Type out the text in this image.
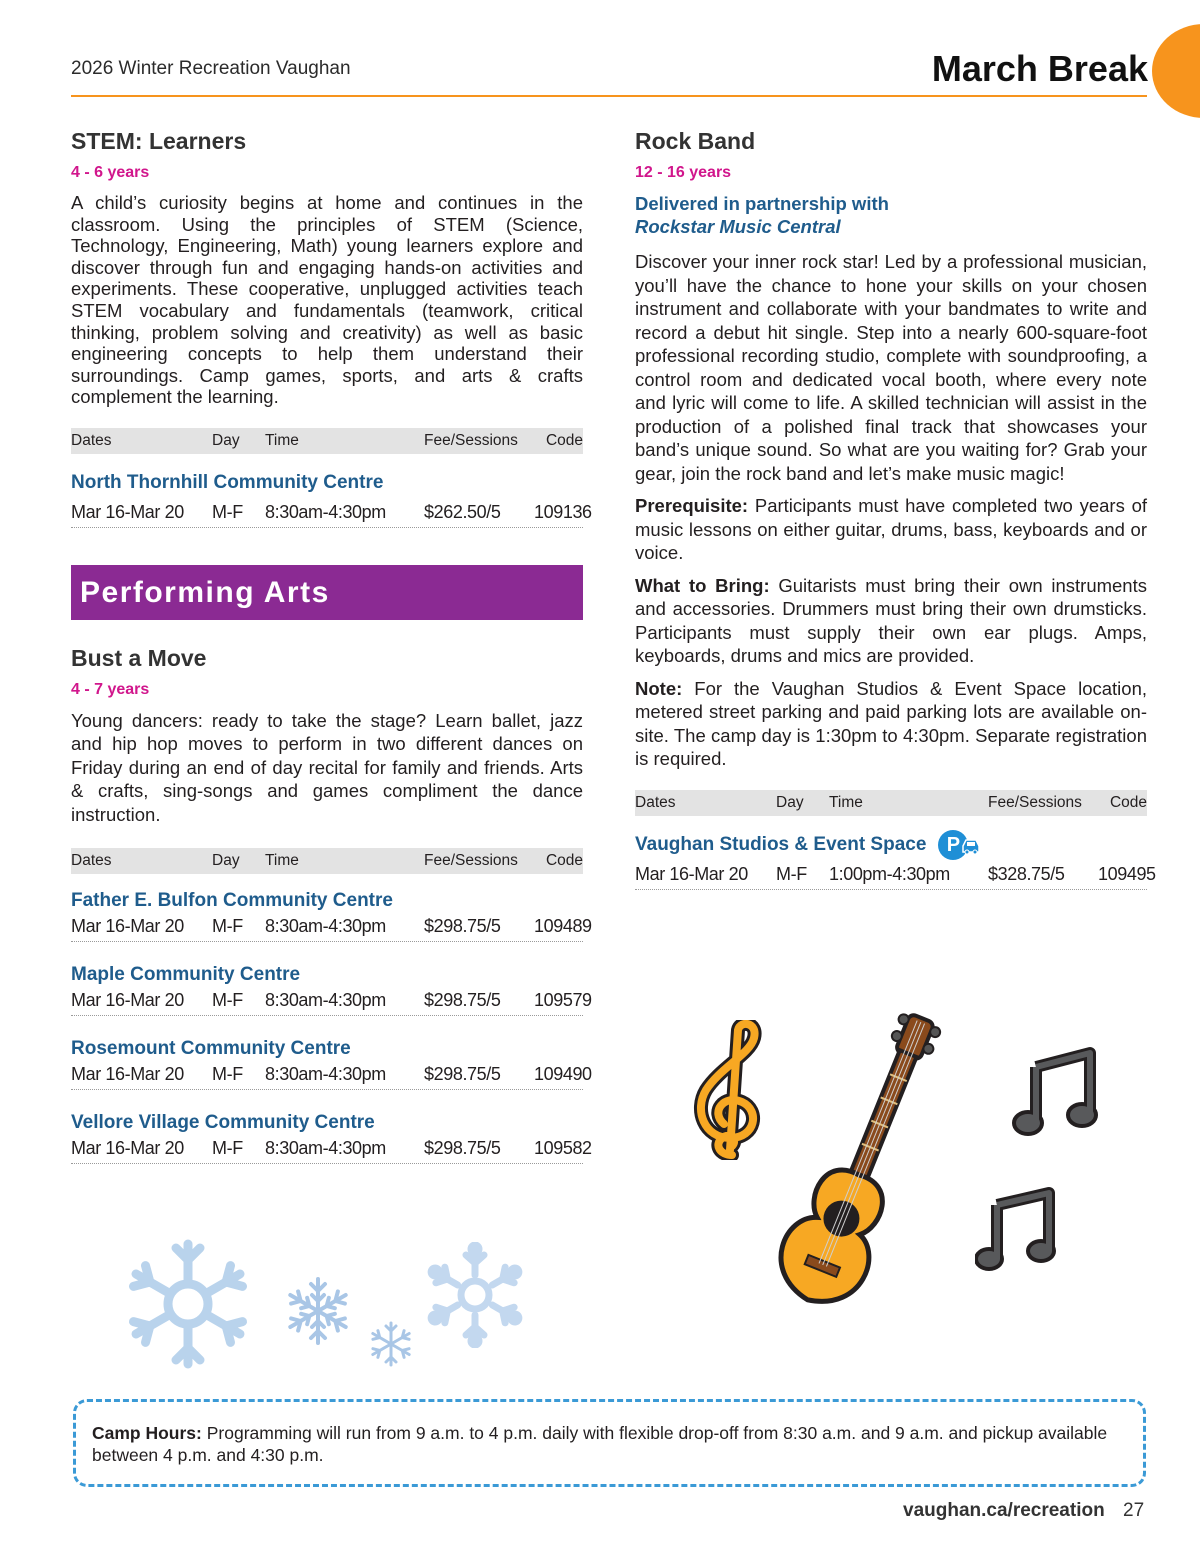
2026 Winter Recreation Vaughan	March Break
STEM: Learners
4 - 6 years
A child’s curiosity begins at home and continues in the classroom. Using the principles of STEM (Science, Technology, Engineering, Math) young learners explore and discover through fun and engaging hands-on activities and experiments. These cooperative, unplugged activities teach STEM vocabulary and fundamentals (teamwork, critical thinking, problem solving and creativity) as well as basic engineering concepts to help them understand their surroundings. Camp games, sports, and arts & crafts complement the learning.
Dates	Day	Time	Fee/Sessions	Code
North Thornhill Community Centre
Mar 16-Mar 20	M-F	8:30am-4:30pm	$262.50/5	109136
Performing Arts
Bust a Move
4 - 7 years
Young dancers: ready to take the stage? Learn ballet, jazz and hip hop moves to perform in two different dances on Friday during an end of day recital for family and friends. Arts & crafts, sing-songs and games compliment the dance instruction.
Dates	Day	Time	Fee/Sessions	Code
Father E. Bulfon Community Centre
Mar 16-Mar 20	M-F	8:30am-4:30pm	$298.75/5	109489
Maple Community Centre
Mar 16-Mar 20	M-F	8:30am-4:30pm	$298.75/5	109579
Rosemount Community Centre
Mar 16-Mar 20	M-F	8:30am-4:30pm	$298.75/5	109490
Vellore Village Community Centre
Mar 16-Mar 20	M-F	8:30am-4:30pm	$298.75/5	109582
Rock Band
12 - 16 years
Delivered in partnership with
Rockstar Music Central
Discover your inner rock star! Led by a professional musician, you’ll have the chance to hone your skills on your chosen instrument and collaborate with your bandmates to write and record a debut hit single. Step into a nearly 600-square-foot professional recording studio, complete with soundproofing, a control room and dedicated vocal booth, where every note and lyric will come to life. A skilled technician will assist in the production of a polished final track that showcases your band’s unique sound. So what are you waiting for? Grab your gear, join the rock band and let’s make music magic!
Prerequisite: Participants must have completed two years of music lessons on either guitar, drums, bass, keyboards and or voice.
What to Bring: Guitarists must bring their own instruments and accessories. Drummers must bring their own drumsticks. Participants must supply their own ear plugs. Amps, keyboards, drums and mics are provided.
Note: For the Vaughan Studios & Event Space location, metered street parking and paid parking lots are available on-site. The camp day is 1:30pm to 4:30pm. Separate registration is required.
Dates	Day	Time	Fee/Sessions	Code
Vaughan Studios & Event Space	P
Mar 16-Mar 20	M-F	1:00pm-4:30pm	$328.75/5	109495
Camp Hours: Programming will run from 9 a.m. to 4 p.m. daily with flexible drop-off from 8:30 a.m. and 9 a.m. and pickup available between 4 p.m. and 4:30 p.m.
vaughan.ca/recreation 27
